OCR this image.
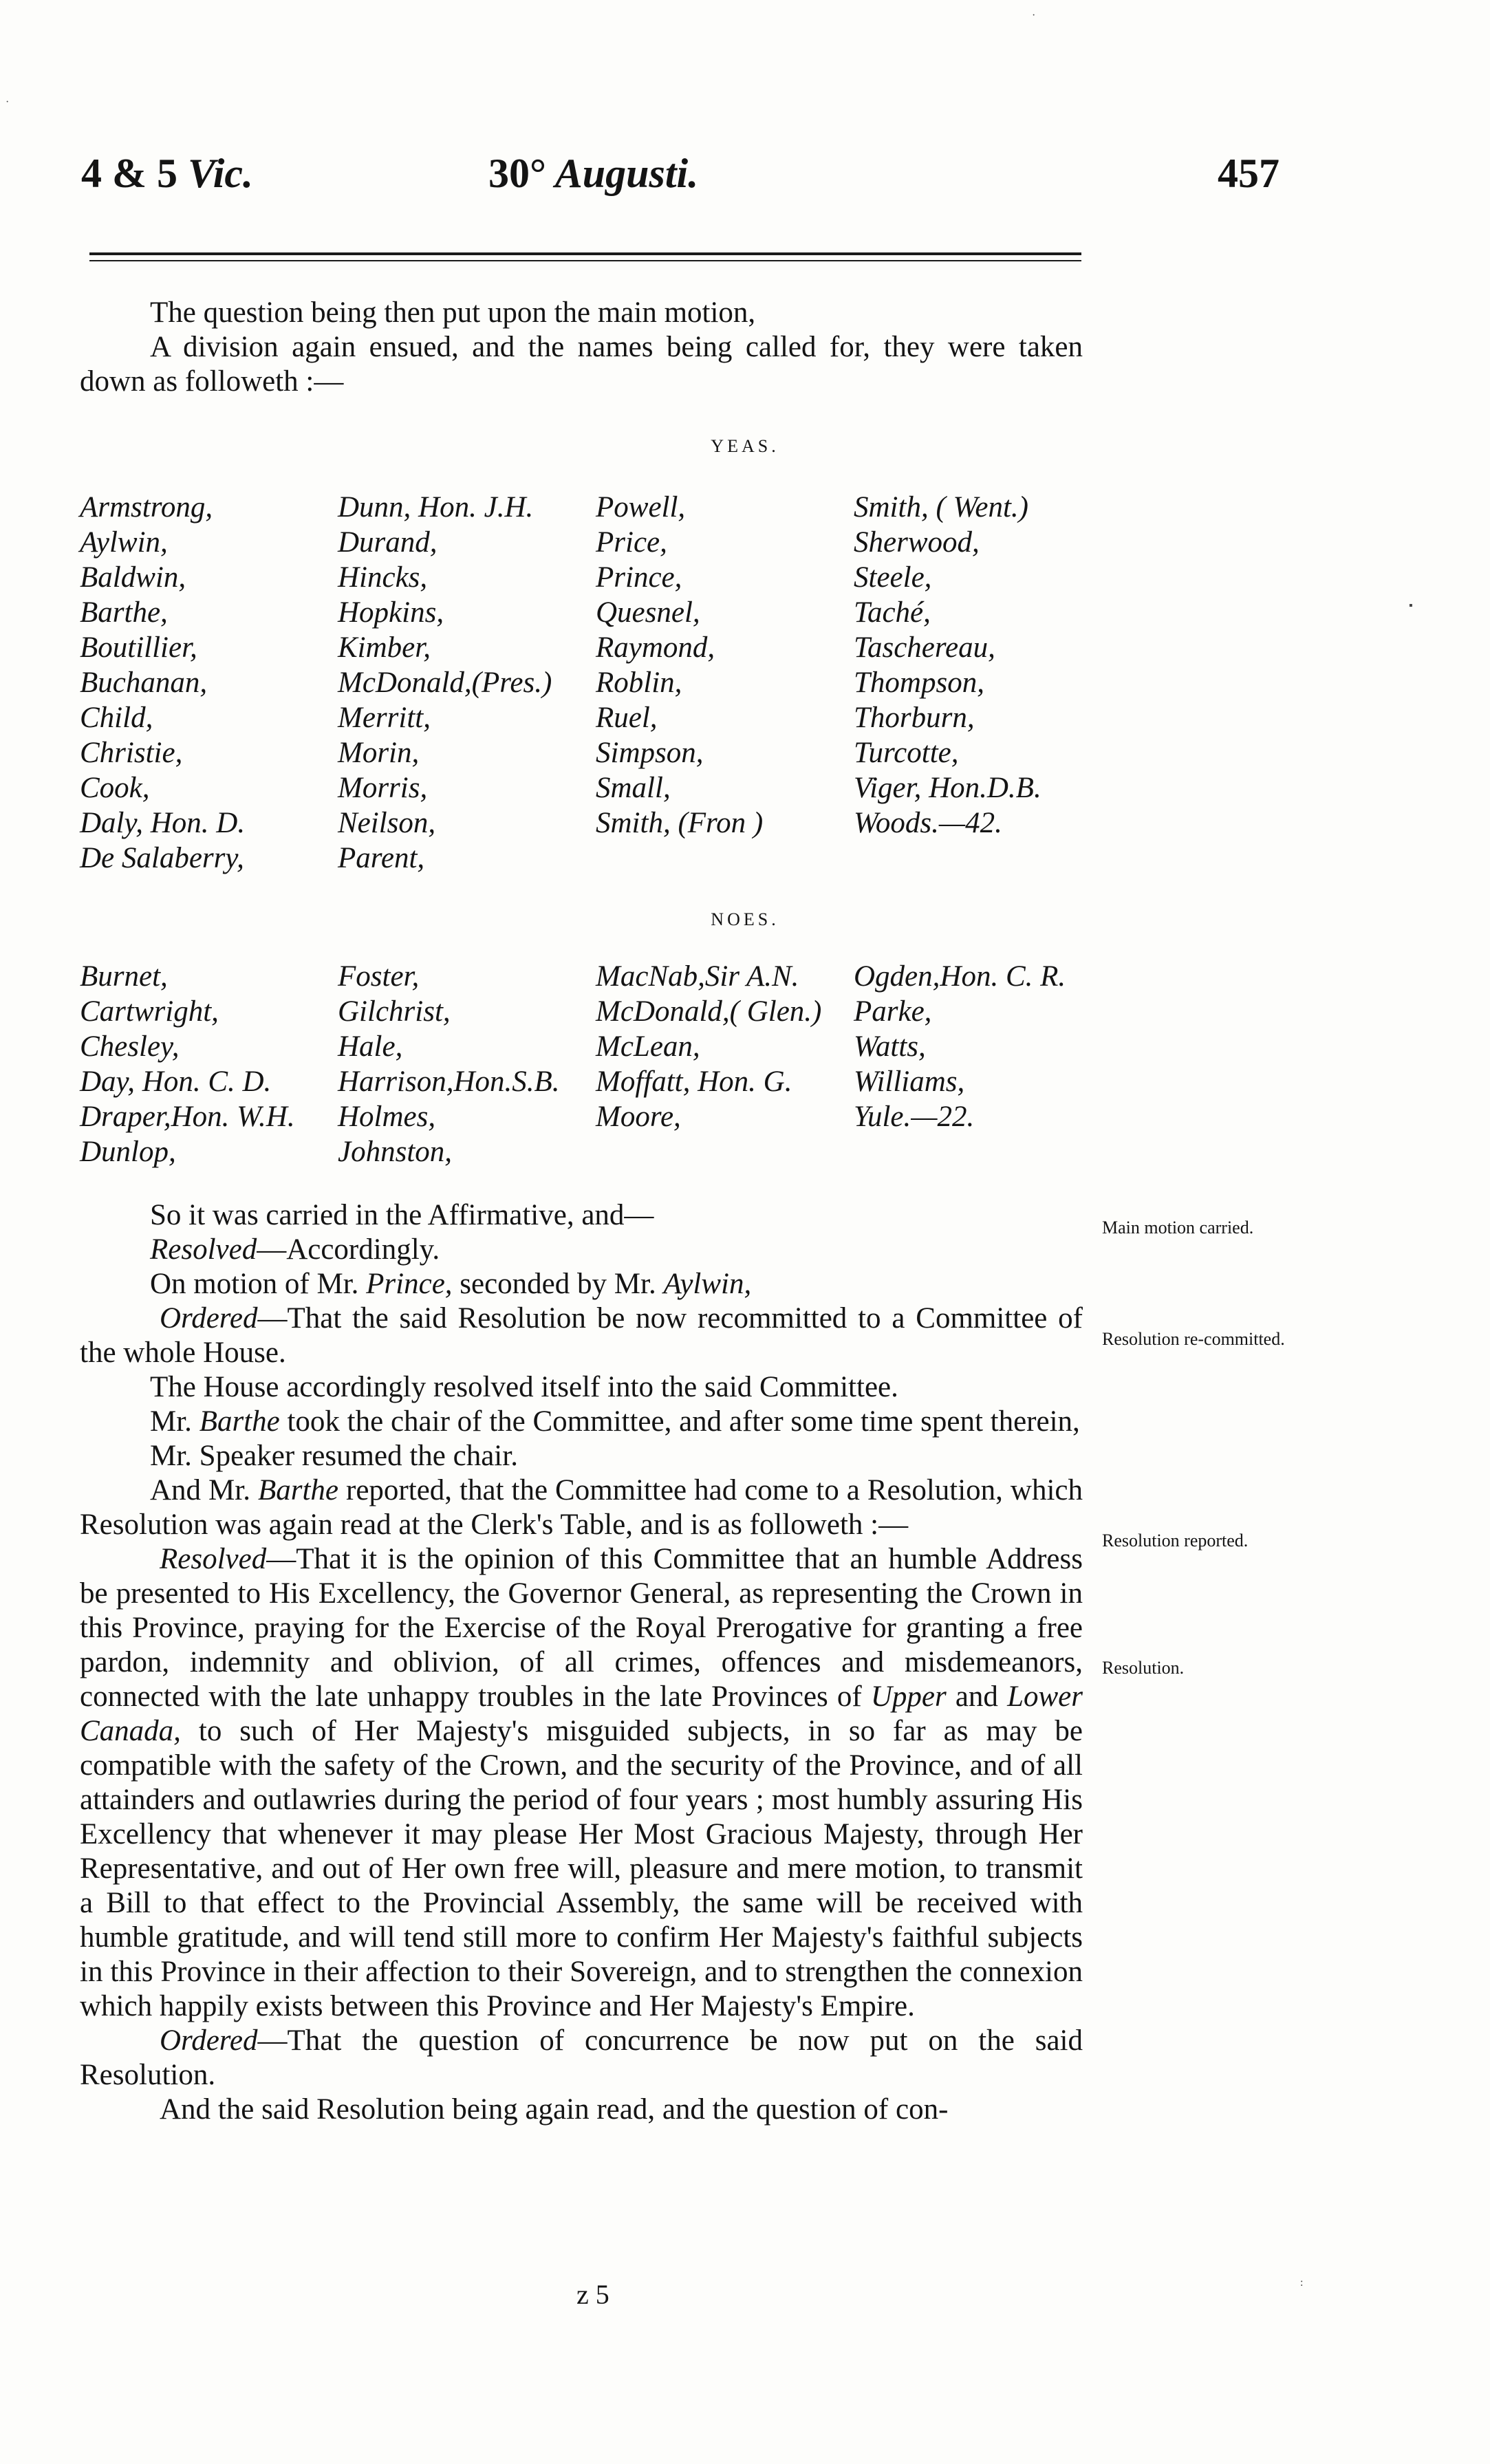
4 & 5 Vic.	30° Augusti.	457

The question being then put upon the main motion,

A division again ensued, and the names being called for, they were taken down as followeth :—

YEAS.
Armstrong,	Dunn, Hon. J.H.	Powell,	Smith, ( Went.)
Aylwin,	Durand,	Price,	Sherwood,
Baldwin,	Hincks,	Prince,	Steele,
Barthe,	Hopkins,	Quesnel,	Taché,
Boutillier,	Kimber,	Raymond,	Taschereau,
Buchanan,	McDonald,(Pres.)	Roblin,	Thompson,
Child,	Merritt,	Ruel,	Thorburn,
Christie,	Morin,	Simpson,	Turcotte,
Cook,	Morris,	Small,	Viger, Hon.D.B.
Daly, Hon. D.	Neilson,	Smith, (Fron )	Woods.—42.
De Salaberry,	Parent,
NOES.
Burnet,	Foster,	MacNab,Sir A.N.	Ogden,Hon. C. R.
Cartwright,	Gilchrist,	McDonald,( Glen.)	Parke,
Chesley,	Hale,	McLean,	Watts,
Day, Hon. C. D.	Harrison,Hon.S.B.	Moffatt, Hon. G.	Williams,
Draper,Hon. W.H.	Holmes,	Moore,	Yule.—22.
Dunlop,	Johnston,

So it was carried in the Affirmative, and—

Resolved—Accordingly.

On motion of Mr. Prince, seconded by Mr. Aylwin,

Ordered—That the said Resolution be now recommitted to a Committee of the whole House.

The House accordingly resolved itself into the said Committee.

Mr. Barthe took the chair of the Committee, and after some time spent therein,

Mr. Speaker resumed the chair.

And Mr. Barthe reported, that the Committee had come to a Resolution, which Resolution was again read at the Clerk's Table, and is as followeth :—

Resolved—That it is the opinion of this Committee that an humble Address be presented to His Excellency, the Governor General, as representing the Crown in this Province, praying for the Exercise of the Royal Prerogative for granting a free pardon, indemnity and oblivion, of all crimes, offences and misdemeanors, connected with the late unhappy troubles in the late Provinces of Upper and Lower Canada, to such of Her Majesty's misguided subjects, in so far as may be compatible with the safety of the Crown, and the security of the Province, and of all attainders and outlawries during the period of four years ; most humbly assuring His Excellency that whenever it may please Her Most Gracious Majesty, through Her Representative, and out of Her own free will, pleasure and mere motion, to transmit a Bill to that effect to the Provincial Assembly, the same will be received with humble gratitude, and will tend still more to confirm Her Majesty's faithful subjects in this Province in their affection to their Sovereign, and to strengthen the connexion which happily exists between this Province and Her Majesty's Empire.

Ordered—That the question of concurrence be now put on the said Resolution.

And the said Resolution being again read, and the question of con-

Main motion carried.
Resolution re-committed.
Resolution reported.
Resolution.
z 5
▪
·
·
:
